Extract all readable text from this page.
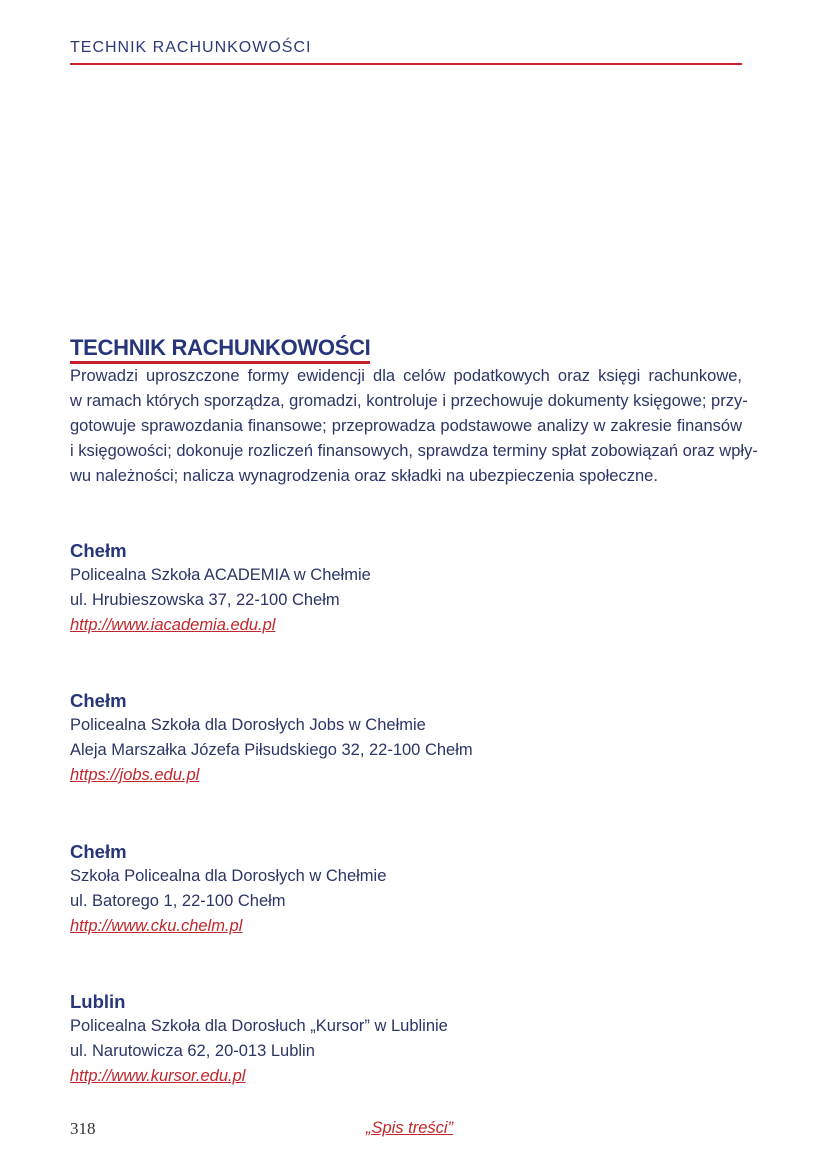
TECHNIK RACHUNKOWOŚCI
TECHNIK RACHUNKOWOŚCI
Prowadzi uproszczone formy ewidencji dla celów podatkowych oraz księgi rachunkowe,
w ramach których sporządza, gromadzi, kontroluje i przechowuje dokumenty księgowe; przy-
gotowuje sprawozdania finansowe; przeprowadza podstawowe analizy w zakresie finansów
i księgowości; dokonuje rozliczeń finansowych, sprawdza terminy spłat zobowiązań oraz wpły-
wu należności; nalicza wynagrodzenia oraz składki na ubezpieczenia społeczne.
Chełm
Policealna Szkoła ACADEMIA w Chełmie
ul. Hrubieszowska 37, 22-100 Chełm
http://www.iacademia.edu.pl
Chełm
Policealna Szkoła dla Dorosłych Jobs w Chełmie
Aleja Marszałka Józefa Piłsudskiego 32, 22-100 Chełm
https://jobs.edu.pl
Chełm
Szkoła Policealna dla Dorosłych w Chełmie
ul. Batorego 1, 22-100 Chełm
http://www.cku.chelm.pl
Lublin
Policealna Szkoła dla Dorosłuch „Kursor” w Lublinie
ul. Narutowicza 62, 20-013 Lublin
http://www.kursor.edu.pl
318	„Spis treści”
